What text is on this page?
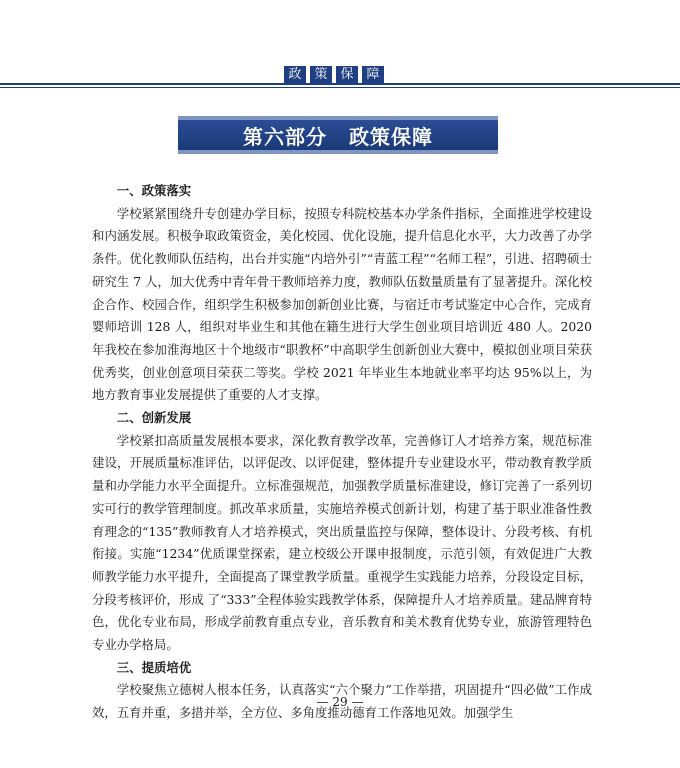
政 策 保 障
第六部分 政策保障
一、政策落实

学校紧紧围绕升专创建办学目标，按照专科院校基本办学条件指标，全面推进学校建设和内涵发展。积极争取政策资金，美化校园、优化设施，提升信息化水平，大力改善了办学条件。优化教师队伍结构，出台并实施“内培外引”“青蓝工程”“名师工程”，引进、招聘硕士研究生 7 人，加大优秀中青年骨干教师培养力度，教师队伍数量质量有了显著提升。深化校企合作、校园合作，组织学生积极参加创新创业比赛，与宿迁市考试鉴定中心合作，完成育婴师培训 128 人，组织对毕业生和其他在籍生进行大学生创业项目培训近 480 人。2020 年我校在参加淮海地区十个地级市“职教杯”中高职学生创新创业大赛中，模拟创业项目荣获优秀奖，创业创意项目荣获二等奖。学校 2021 年毕业生本地就业率平均达 95%以上，为地方教育事业发展提供了重要的人才支撑。

二、创新发展

学校紧扣高质量发展根本要求，深化教育教学改革，完善修订人才培养方案，规范标准建设，开展质量标准评估，以评促改、以评促建，整体提升专业建设水平，带动教育教学质量和办学能力水平全面提升。立标准强规范，加强教学质量标准建设，修订完善了一系列切实可行的教学管理制度。抓改革求质量，实施培养模式创新计划，构建了基于职业准备性教育理念的“135”教师教育人才培养模式，突出质量监控与保障，整体设计、分段考核、有机衔接。实施“1234”优质课堂探索，建立校级公开课申报制度，示范引领，有效促进广大教师教学能力水平提升，全面提高了课堂教学质量。重视学生实践能力培养，分段设定目标，分段考核评价，形成 了“333”全程体验实践教学体系，保障提升人才培养质量。建品牌育特色，优化专业布局，形成学前教育重点专业，音乐教育和美术教育优势专业，旅游管理特色专业办学格局。

三、提质培优

学校聚焦立德树人根本任务，认真落实“六个聚力”工作举措，巩固提升“四必做”工作成效，五育并重，多措并举，全方位、多角度推动德育工作落地见效。加强学生

— 29 —
